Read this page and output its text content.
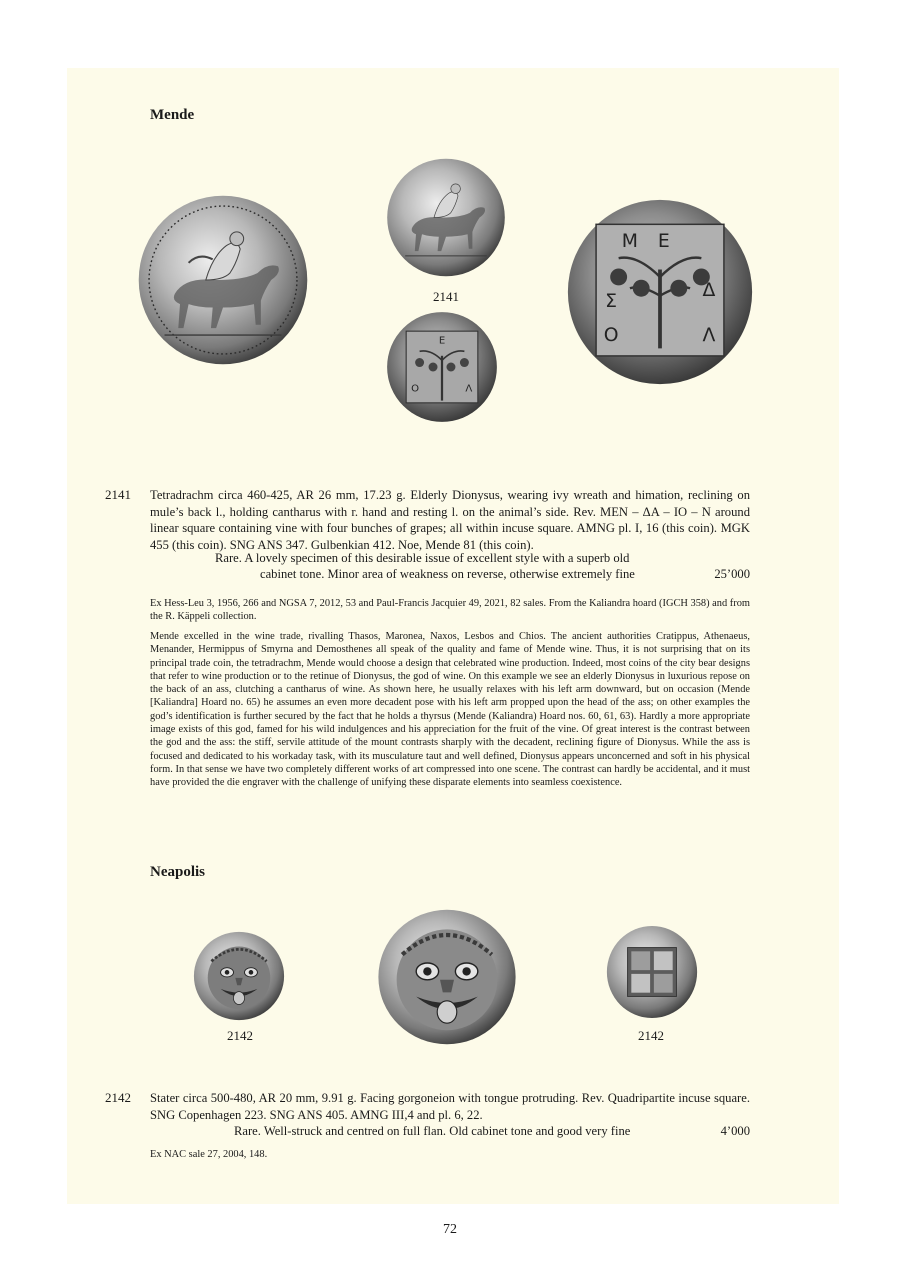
Mende
2141
E
O	Λ
M E
Σ
Δ
O	Λ
2141 Tetradrachm circa 460-425, AR 26 mm, 17.23 g. Elderly Dionysus, wearing ivy wreath and himation, reclining on mule’s back l., holding cantharus with r. hand and resting l. on the animal’s side. Rev. MEN – ΔA – IO – N around linear square containing vine with four bunches of grapes; all within incuse square. AMNG pl. I, 16 (this coin). MGK 455 (this coin). SNG ANS 347. Gulbenkian 412. Noe, Mende 81 (this coin).

Rare. A lovely specimen of this desirable issue of excellent style with a superb old
cabinet tone. Minor area of weakness on reverse, otherwise extremely fine	25’000

Ex Hess-Leu 3, 1956, 266 and NGSA 7, 2012, 53 and Paul-Francis Jacquier 49, 2021, 82 sales. From the Kaliandra hoard (IGCH 358) and from the R. Käppeli collection.

Mende excelled in the wine trade, rivalling Thasos, Maronea, Naxos, Lesbos and Chios. The ancient authorities Cratippus, Athenaeus, Menander, Hermippus of Smyrna and Demosthenes all speak of the quality and fame of Mende wine. Thus, it is not surprising that on its principal trade coin, the tetradrachm, Mende would choose a design that celebrated wine production. Indeed, most coins of the city bear designs that refer to wine production or to the retinue of Dionysus, the god of wine. On this example we see an elderly Dionysus in luxurious repose on the back of an ass, clutching a cantharus of wine. As shown here, he usually relaxes with his left arm downward, but on occasion (Mende [Kaliandra] Hoard no. 65) he assumes an even more decadent pose with his left arm propped upon the head of the ass; on other examples the god’s identification is further secured by the fact that he holds a thyrsus (Mende (Kaliandra) Hoard nos. 60, 61, 63). Hardly a more appropriate image exists of this god, famed for his wild indulgences and his appreciation for the fruit of the vine. Of great interest is the contrast between the god and the ass: the stiff, servile attitude of the mount contrasts sharply with the decadent, reclining figure of Dionysus. While the ass is focused and dedicated to his workaday task, with its musculature taut and well defined, Dionysus appears unconcerned and soft in his physical form. In that sense we have two completely different works of art compressed into one scene. The contrast can hardly be accidental, and it must have provided the die engraver with the challenge of unifying these disparate elements into seamless coexistence.

Neapolis
2142	2142
2142 Stater circa 500-480, AR 20 mm, 9.91 g. Facing gorgoneion with tongue protruding. Rev. Quadripartite incuse square. SNG Copenhagen 223. SNG ANS 405. AMNG III,4 and pl. 6, 22.

Rare. Well-struck and centred on full flan. Old cabinet tone and good very fine	4’000

Ex NAC sale 27, 2004, 148.

72
